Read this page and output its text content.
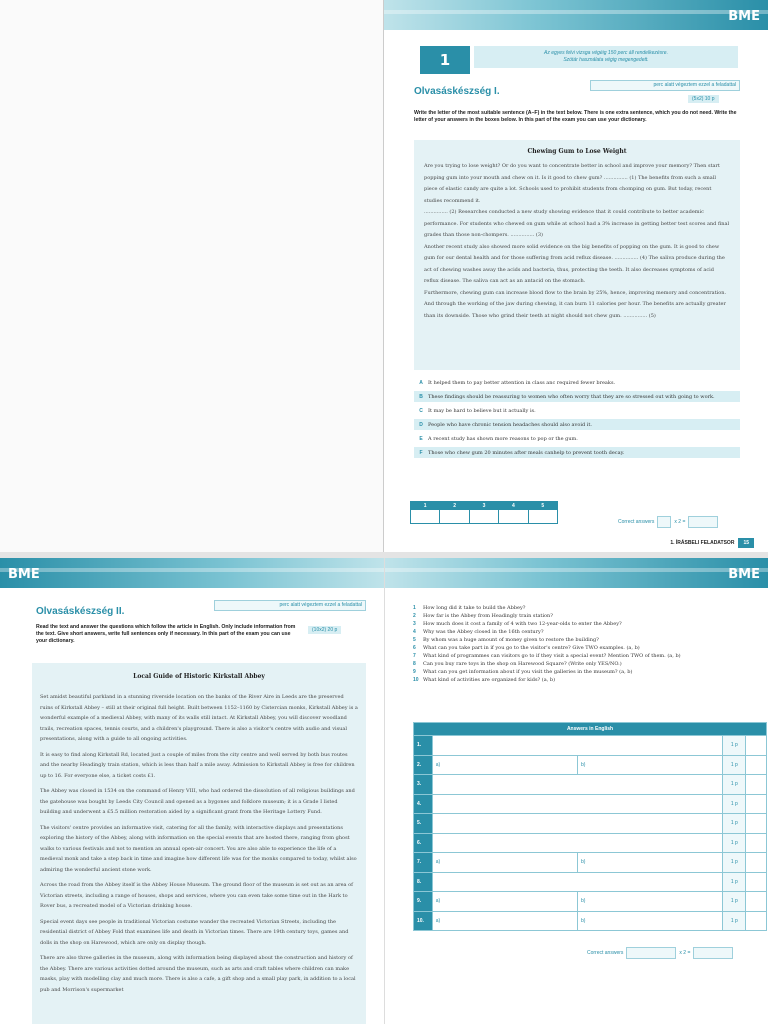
BME
1	Az egyes felvi vizsga végéig 150 perc áll rendelkezésre.
Szótár használata végig megengedett.
Olvasáskészség I.
perc alatt végeztem ezzel a feladattal
(5x2) 10 p
Write the letter of the most suitable sentence (A–F) in the text below. There is one extra sentence, which you do not need. Write the letter of your answers in the boxes below. In this part of the exam you can use your dictionary.
Chewing Gum to Lose Weight

Are you trying to lose weight? Or do you want to concentrate better in school and improve your memory? Then start popping gum into your mouth and chew on it. Is it good to chew gum? ............... (1) The benefits from such a small piece of elastic candy are quite a lot. Schools used to prohibit students from chomping on gum. But today, recent studies recommend it.

............... (2) Researches conducted a new study showing evidence that it could contribute to better academic performance. For students who chewed on gum while at school had a 3% increase in getting better test scores and final grades than those non-chompers. ............... (3)

Another recent study also showed more solid evidence on the big benefits of popping on the gum. It is good to chew gum for our dental health and for those suffering from acid reflux disease. ............... (4) The saliva produce during the act of chewing washes away the acids and bacteria, thus, protecting the teeth. It also decreases symptoms of acid reflux disease. The saliva can act as an antacid on the stomach.

Furthermore, chewing gum can increase blood flow to the brain by 25%, hence, improving memory and concentration. And through the working of the jaw during chewing, it can burn 11 calories per hour. The benefits are actually greater than its downside. Those who grind their teeth at night should not chew gum. ............... (5)

A	It helped them to pay better attention in class anc required fewer breaks.
B	These findings should be reassuring to women who often worry that they are so stressed out with going to work.
C	It may be hard to believe but it actually is.
D	People who have chronic tension headaches should also avoid it.
E	A recent study has shown more reasons to pop or the gum.
F	Those who chew gum 20 minutes after meals canhelp to prevent tooth decay.
1	2	3	4	5

Correct answers	x 2 =
1. ÍRÁSBELI FELADATSOR	15
BME
Olvasáskészség II.
perc alatt végeztem ezzel a feladattal
Read the text and answer the questions which follow the article in English. Only include information from the text. Give short answers, write full sentences only if necessary. In this part of the exam you can use your dictionary.
(10x2) 20 p
Local Guide of Historic Kirkstall Abbey

Set amidst beautiful parkland in a stunning riverside location on the banks of the River Aire in Leeds are the preserved ruins of Kirkstall Abbey – still at their original full height. Built between 1152–1160 by Cistercian monks, Kirkstall Abbey is a wonderful example of a medieval Abbey, with many of its walls still intact. At Kirkstall Abbey, you will discover woodland trails, recreation spaces, tennis courts, and a children's playground. There is also a visitor's centre with audio and visual presentations, along with a guide to all ongoing activities.

It is easy to find along Kirkstall Rd, located just a couple of miles from the city centre and well served by both bus routes and the nearby Headingly train station, which is less than half a mile away. Admission to Kirkstall Abbey is free for children up to 16. For everyone else, a ticket costs £1.

The Abbey was closed in 1534 on the command of Henry VIII, who had ordered the dissolution of all religious buildings and the gatehouse was bought by Leeds City Council and opened as a bygones and folklore museum; it is a Grade I listed building and underwent a £5.5 million restoration aided by a significant grant from the Heritage Lottery Fund.

The visitors' centre provides an informative visit, catering for all the family, with interactive displays and presentations exploring the history of the Abbey, along with information on the special events that are hosted there, ranging from ghost walks to various festivals and not to mention an annual open-air concert. You are also able to experience the life of a medieval monk and take a step back in time and imagine how different life was for the monks compared to today, whilst also admiring the wonderful ancient stone work.

Across the road from the Abbey itself is the Abbey House Museum. The ground floor of the museum is set out as an area of Victorian streets, including a range of houses, shops and services, where you can even take some time out in the Hark to Rover bus, a recreated model of a Victorian drinking house.

Special event days see people in traditional Victorian costume wander the recreated Victorian Streets, including the residential district of Abbey Fold that examines life and death in Victorian times. There are 19th century toys, games and dolls in the shop on Harewood, which are only on display though.

There are also three galleries in the museum, along with information being displayed about the construction and history of the Abbey. There are various activities dotted around the museum, such as arts and craft tables where children can make masks, play with modelling clay and much more. There is also a cafe, a gift shop and a small play park, in addition to a local pub and Morrison's supermarket

BME
1	How long did it take to build the Abbey?
2	How far is the Abbey from Headingly train station?
3	How much does it cost a family of 4 with two 12-year-olds to enter the Abbey?
4	Why was the Abbey closed in the 16th century?
5	By whom was a huge amount of money given to restore the building?
6	What can you take part in if you go to the visitor's centre? Give TWO examples. (a, b)
7	What kind of programmes can visitors go to if they visit a special event? Mention TWO of them. (a, b)
8	Can you buy rare toys in the shop on Harewood Square? (Write only YES/NO.)
9	What can you get information about if you visit the galleries in the museum? (a, b)
10 What kind of activities are organized for kids? (a, b)
Answers in English				
1.			1 p	
2.	a)	b)	1 p	
3.			1 p	
4.			1 p	
5.			1 p	
6.			1 p	
7.	a)	b)	1 p	
8.			1 p	
9.	a)	b)	1 p	
10.	a)	b)	1 p	
Correct answers	x 2 =
